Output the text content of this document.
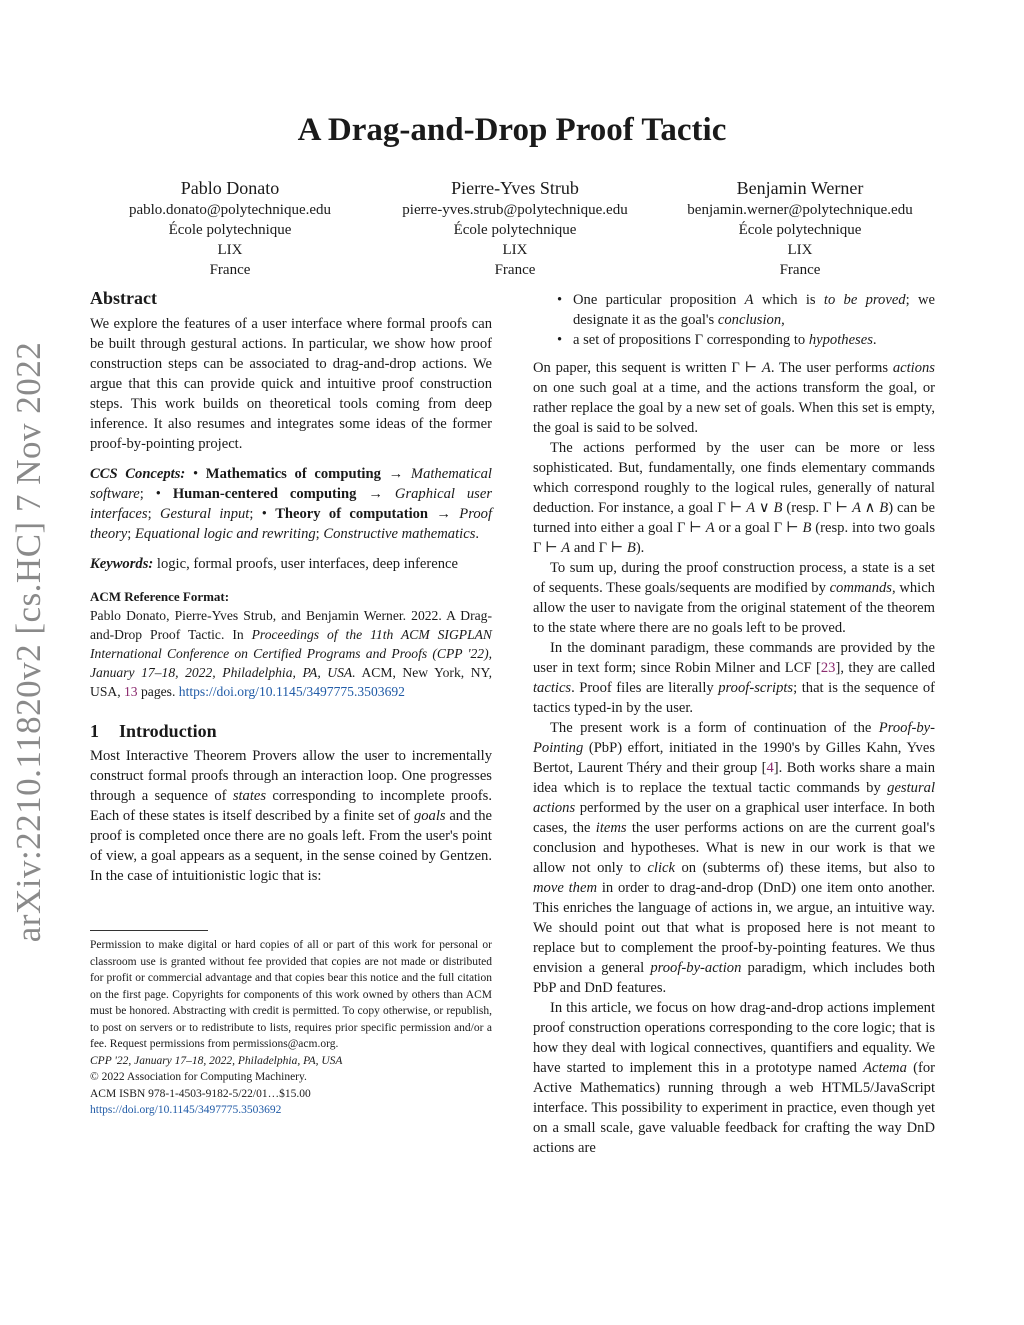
arXiv:2210.11820v2 [cs.HC] 7 Nov 2022
A Drag-and-Drop Proof Tactic
Pablo Donato
pablo.donato@polytechnique.edu
École polytechnique
LIX
France
Pierre-Yves Strub
pierre-yves.strub@polytechnique.edu
École polytechnique
LIX
France
Benjamin Werner
benjamin.werner@polytechnique.edu
École polytechnique
LIX
France
Abstract

We explore the features of a user interface where formal proofs can be built through gestural actions. In particular, we show how proof construction steps can be associated to drag-and-drop actions. We argue that this can provide quick and intuitive proof construction steps. This work builds on theoretical tools coming from deep inference. It also resumes and integrates some ideas of the former proof-by-pointing project.

CCS Concepts: • Mathematics of computing → Mathematical software; • Human-centered computing → Graphical user interfaces; Gestural input; • Theory of computation → Proof theory; Equational logic and rewriting; Constructive mathematics.

Keywords: logic, formal proofs, user interfaces, deep inference

ACM Reference Format:

Pablo Donato, Pierre-Yves Strub, and Benjamin Werner. 2022. A Drag-and-Drop Proof Tactic. In Proceedings of the 11th ACM SIGPLAN International Conference on Certified Programs and Proofs (CPP '22), January 17–18, 2022, Philadelphia, PA, USA. ACM, New York, NY, USA, 13 pages. https://doi.org/10.1145/3497775.3503692

1 Introduction

Most Interactive Theorem Provers allow the user to incrementally construct formal proofs through an interaction loop. One progresses through a sequence of states corresponding to incomplete proofs. Each of these states is itself described by a finite set of goals and the proof is completed once there are no goals left. From the user's point of view, a goal appears as a sequent, in the sense coined by Gentzen. In the case of intuitionistic logic that is:

Permission to make digital or hard copies of all or part of this work for personal or classroom use is granted without fee provided that copies are not made or distributed for profit or commercial advantage and that copies bear this notice and the full citation on the first page. Copyrights for components of this work owned by others than ACM must be honored. Abstracting with credit is permitted. To copy otherwise, or republish, to post on servers or to redistribute to lists, requires prior specific permission and/or a fee. Request permissions from permissions@acm.org.

CPP '22, January 17–18, 2022, Philadelphia, PA, USA
© 2022 Association for Computing Machinery.
ACM ISBN 978-1-4503-9182-5/22/01…$15.00
https://doi.org/10.1145/3497775.3503692
• One particular proposition A which is to be proved; we designate it as the goal's conclusion,
• a set of propositions Γ corresponding to hypotheses.

On paper, this sequent is written Γ ⊢ A. The user performs actions on one such goal at a time, and the actions transform the goal, or rather replace the goal by a new set of goals. When this set is empty, the goal is said to be solved.

The actions performed by the user can be more or less sophisticated. But, fundamentally, one finds elementary commands which correspond roughly to the logical rules, generally of natural deduction. For instance, a goal Γ ⊢ A ∨ B (resp. Γ ⊢ A ∧ B) can be turned into either a goal Γ ⊢ A or a goal Γ ⊢ B (resp. into two goals Γ ⊢ A and Γ ⊢ B).

To sum up, during the proof construction process, a state is a set of sequents. These goals/sequents are modified by commands, which allow the user to navigate from the original statement of the theorem to the state where there are no goals left to be proved.

In the dominant paradigm, these commands are provided by the user in text form; since Robin Milner and LCF [23], they are called tactics. Proof files are literally proof-scripts; that is the sequence of tactics typed-in by the user.

The present work is a form of continuation of the Proof-by-Pointing (PbP) effort, initiated in the 1990's by Gilles Kahn, Yves Bertot, Laurent Théry and their group [4]. Both works share a main idea which is to replace the textual tactic commands by gestural actions performed by the user on a graphical user interface. In both cases, the items the user performs actions on are the current goal's conclusion and hypotheses. What is new in our work is that we allow not only to click on (subterms of) these items, but also to move them in order to drag-and-drop (DnD) one item onto another. This enriches the language of actions in, we argue, an intuitive way. We should point out that what is proposed here is not meant to replace but to complement the proof-by-pointing features. We thus envision a general proof-by-action paradigm, which includes both PbP and DnD features.

In this article, we focus on how drag-and-drop actions implement proof construction operations corresponding to the core logic; that is how they deal with logical connectives, quantifiers and equality. We have started to implement this in a prototype named Actema (for Active Mathematics) running through a web HTML5/JavaScript interface. This possibility to experiment in practice, even though yet on a small scale, gave valuable feedback for crafting the way DnD actions are
